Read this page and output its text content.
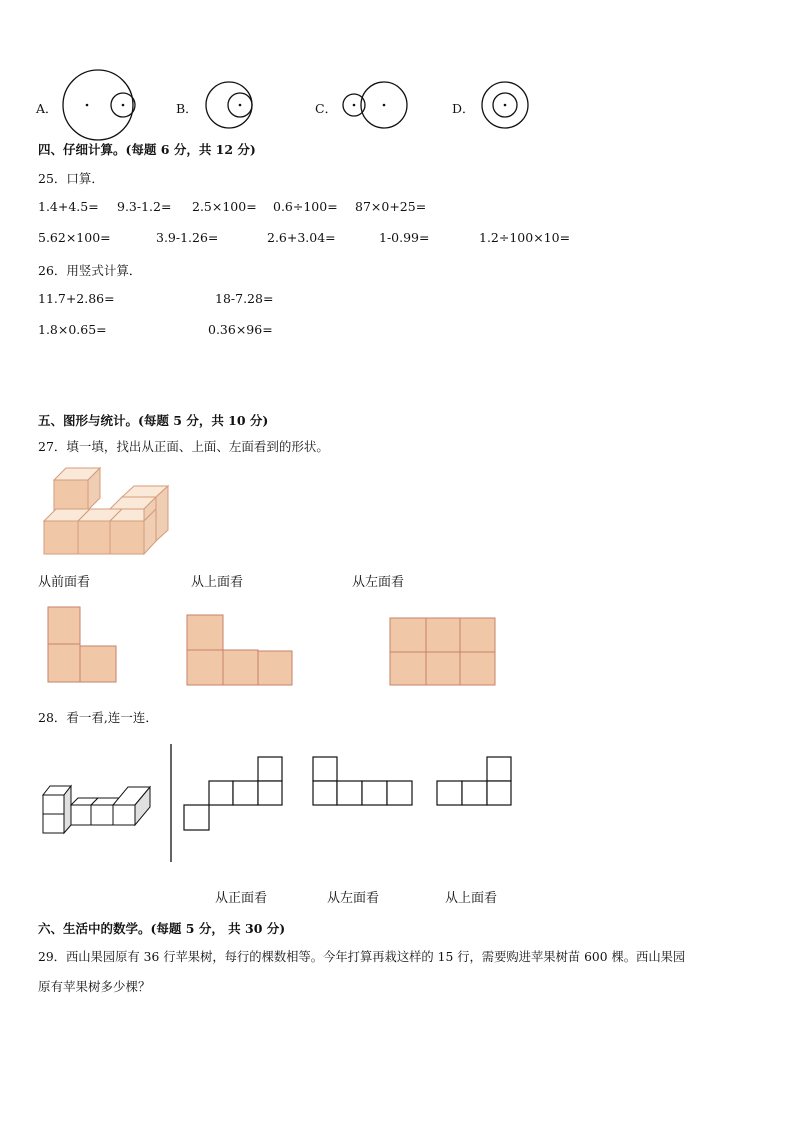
A．	B．	C．	D．
四、仔细计算。(每题 6 分，共 12 分)
25．口算．
1.4+4.5= 9.3-1.2= 2.5×100= 0.6÷100= 87×0+25=
5.62×100=	3.9-1.26=	2.6+3.04=	1-0.99=	1.2÷100×10=
26．用竖式计算．
11.7+2.86=	18-7.28=
1.8×0.65=	0.36×96=
五、图形与统计。(每题 5 分，共 10 分)
27．填一填，找出从正面、上面、左面看到的形状。
从前面看	从上面看	从左面看
28．看一看,连一连．
从正面看	从左面看	从上面看
六、生活中的数学。(每题 5 分， 共 30 分)
29．西山果园原有 36 行苹果树，每行的棵数相等。今年打算再栽这样的 15 行，需要购进苹果树苗 600 棵。西山果园
原有苹果树多少棵？
